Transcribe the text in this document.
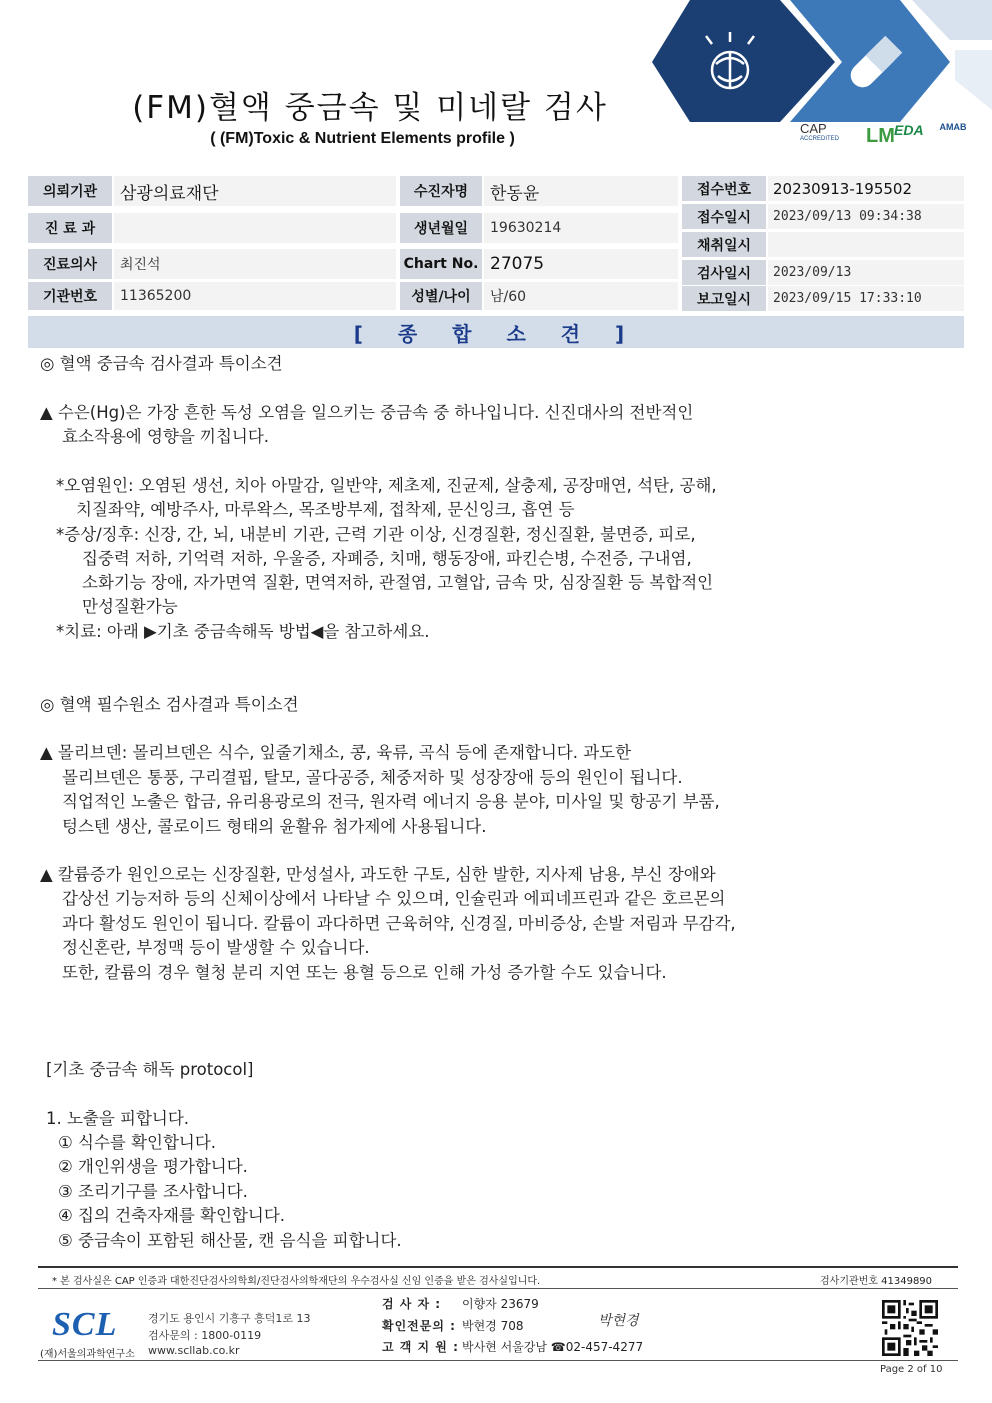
(FM)혈액 중금속 및 미네랄 검사
( (FM)Toxic & Nutrient Elements profile )
CAP
ACCREDITED LM EDA AMAB
의뢰기관	삼광의료재단
진 료 과
진료의사	최진석
기관번호	11365200
수진자명	한동윤
생년월일	19630214
Chart No. 27075
성별/나이	남/60
접수번호	20230913-195502
접수일시	2023/09/13 09:34:38
채취일시
검사일시	2023/09/13
보고일시	2023/09/15 17:33:10
[ 종 합 소 견 ]
◎ 혈액 중금속 검사결과 특이소견
▲ 수은(Hg)은 가장 흔한 독성 오염을 일으키는 중금속 중 하나입니다. 신진대사의 전반적인
효소작용에 영향을 끼칩니다.
*오염원인: 오염된 생선, 치아 아말감, 일반약, 제초제, 진균제, 살충제, 공장매연, 석탄, 공해,
치질좌약, 예방주사, 마루왁스, 목조방부제, 접착제, 문신잉크, 흡연 등
*증상/징후: 신장, 간, 뇌, 내분비 기관, 근력 기관 이상, 신경질환, 정신질환, 불면증, 피로,
집중력 저하, 기억력 저하, 우울증, 자폐증, 치매, 행동장애, 파킨슨병, 수전증, 구내염,
소화기능 장애, 자가면역 질환, 면역저하, 관절염, 고혈압, 금속 맛, 심장질환 등 복합적인
만성질환가능
*치료: 아래 ▶기초 중금속해독 방법◀을 참고하세요.
◎ 혈액 필수원소 검사결과 특이소견
▲ 몰리브덴: 몰리브덴은 식수, 잎줄기채소, 콩, 육류, 곡식 등에 존재합니다. 과도한
몰리브덴은 통풍, 구리결핍, 탈모, 골다공증, 체중저하 및 성장장애 등의 원인이 됩니다.
직업적인 노출은 합금, 유리용광로의 전극, 원자력 에너지 응용 분야, 미사일 및 항공기 부품,
텅스텐 생산, 콜로이드 형태의 윤활유 첨가제에 사용됩니다.
▲ 칼륨증가 원인으로는 신장질환, 만성설사, 과도한 구토, 심한 발한, 지사제 남용, 부신 장애와
갑상선 기능저하 등의 신체이상에서 나타날 수 있으며, 인슐린과 에피네프린과 같은 호르몬의
과다 활성도 원인이 됩니다. 칼륨이 과다하면 근육허약, 신경질, 마비증상, 손발 저림과 무감각,
정신혼란, 부정맥 등이 발생할 수 있습니다.
또한, 칼륨의 경우 혈청 분리 지연 또는 용혈 등으로 인해 가성 증가할 수도 있습니다.
[기초 중금속 해독 protocol]
1. 노출을 피합니다.
① 식수를 확인합니다.
② 개인위생을 평가합니다.
③ 조리기구를 조사합니다.
④ 집의 건축자재를 확인합니다.
⑤ 중금속이 포함된 해산물, 캔 음식을 피합니다.
* 본 검사실은 CAP 인증과 대한진단검사의학회/진단검사의학재단의 우수검사실 신임 인증을 받은 검사실입니다.	검사기관번호 41349890
SCL
(재)서울의과학연구소
경기도 용인시 기흥구 흥덕1로 13
검사문의 : 1800-0119
www.scllab.co.kr
검 사 자 : 이향자 23679
확인전문의 : 박현경 708
고 객 지 원 : 박사현 서울강남 ☎02-457-4277
박현경
Page 2 of 10
